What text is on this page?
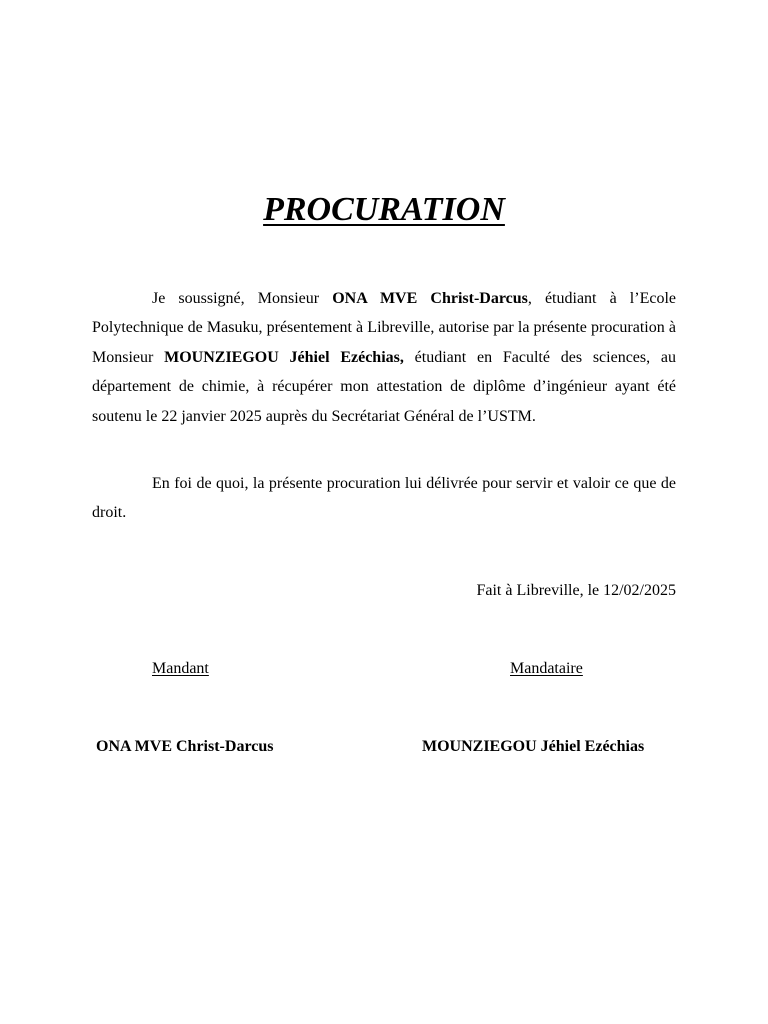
PROCURATION

Je soussigné, Monsieur ONA MVE Christ-Darcus, étudiant à l’Ecole Polytechnique de Masuku, présentement à Libreville, autorise par la présente procuration à Monsieur MOUNZIEGOU Jéhiel Ezéchias, étudiant en Faculté des sciences, au département de chimie, à récupérer mon attestation de diplôme d’ingénieur ayant été soutenu le 22 janvier 2025 auprès du Secrétariat Général de l’USTM.

En foi de quoi, la présente procuration lui délivrée pour servir et valoir ce que de droit.

Fait à Libreville, le 12/02/2025

Mandant	Mandataire

ONA MVE Christ-Darcus	MOUNZIEGOU Jéhiel Ezéchias
